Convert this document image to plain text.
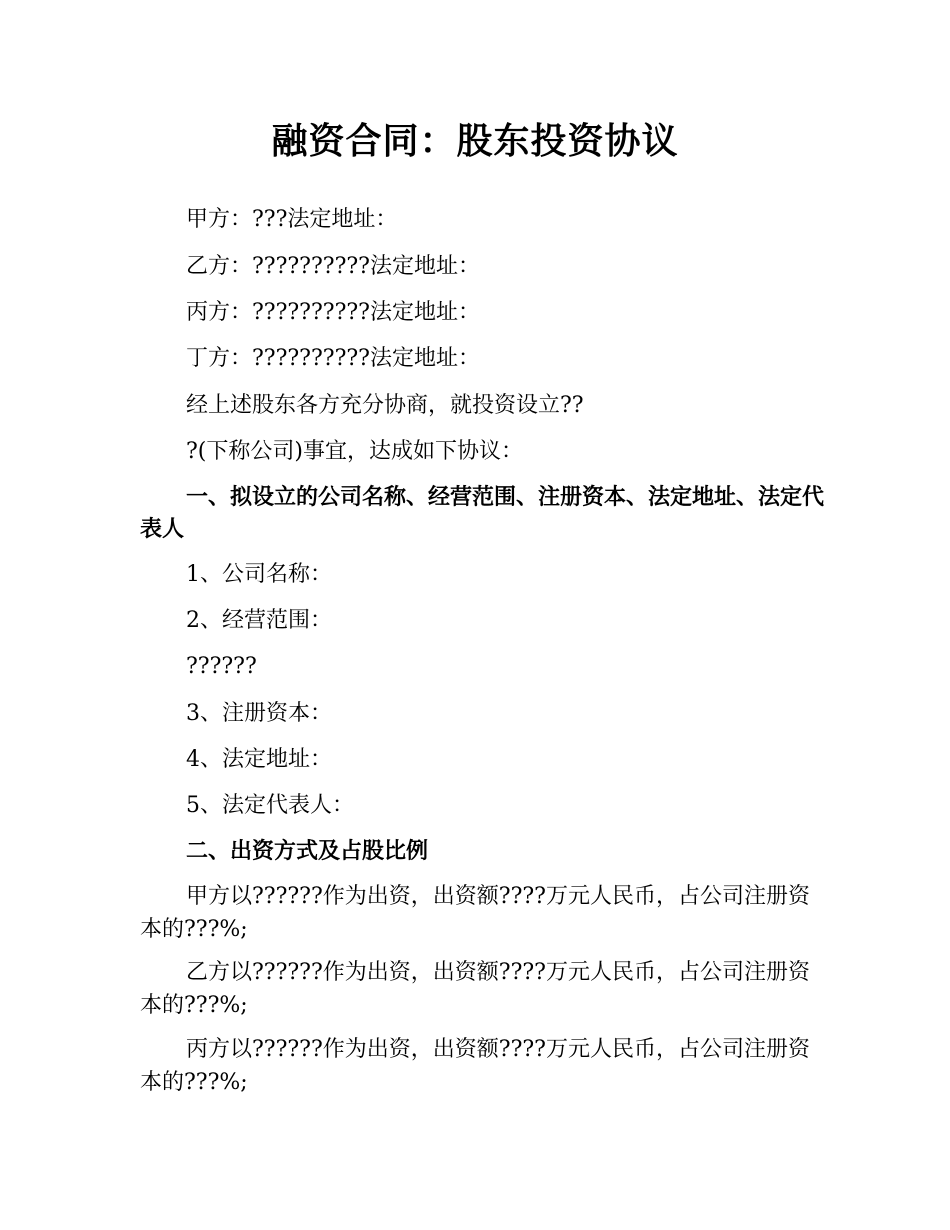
融资合同：股东投资协议
甲方：???法定地址：
乙方：??????????法定地址：
丙方：??????????法定地址：
丁方：??????????法定地址：
经上述股东各方充分协商，就投资设立??
?(下称公司)事宜，达成如下协议：
一、拟设立的公司名称、经营范围、注册资本、法定地址、法定代表人
1、公司名称：
2、经营范围：
??????
3、注册资本：
4、法定地址：
5、法定代表人：
二、出资方式及占股比例
甲方以??????作为出资，出资额????万元人民币，占公司注册资本的???%;
乙方以??????作为出资，出资额????万元人民币，占公司注册资本的???%;
丙方以??????作为出资，出资额????万元人民币，占公司注册资本的???%;
